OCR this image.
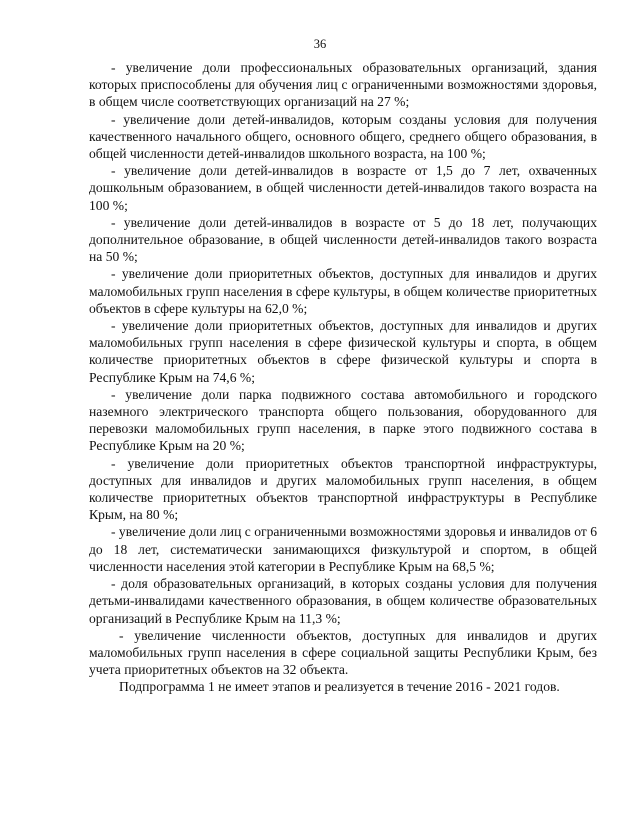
36

- увеличение доли профессиональных образовательных организаций, здания которых приспособлены для обучения лиц с ограниченными возможностями здоровья, в общем числе соответствующих организаций на 27 %;

- увеличение доли детей-инвалидов, которым созданы условия для получения качественного начального общего, основного общего, среднего общего образования, в общей численности детей-инвалидов школьного возраста, на 100 %;

- увеличение доли детей-инвалидов в возрасте от 1,5 до 7 лет, охваченных дошкольным образованием, в общей численности детей-инвалидов такого возраста на 100 %;

- увеличение доли детей-инвалидов в возрасте от 5 до 18 лет, получающих дополнительное образование, в общей численности детей-инвалидов такого возраста на 50 %;

- увеличение доли приоритетных объектов, доступных для инвалидов и других маломобильных групп населения в сфере культуры, в общем количестве приоритетных объектов в сфере культуры на 62,0 %;

- увеличение доли приоритетных объектов, доступных для инвалидов и других маломобильных групп населения в сфере физической культуры и спорта, в общем количестве приоритетных объектов в сфере физической культуры и спорта в Республике Крым на 74,6 %;

- увеличение доли парка подвижного состава автомобильного и городского наземного электрического транспорта общего пользования, оборудованного для перевозки маломобильных групп населения, в парке этого подвижного состава в Республике Крым на 20 %;

- увеличение доли приоритетных объектов транспортной инфраструктуры, доступных для инвалидов и других маломобильных групп населения, в общем количестве приоритетных объектов транспортной инфраструктуры в Республике Крым, на 80 %;

- увеличение доли лиц с ограниченными возможностями здоровья и инвалидов от 6 до 18 лет, систематически занимающихся физкультурой и спортом, в общей численности населения этой категории в Республике Крым на 68,5 %;

- доля образовательных организаций, в которых созданы условия для получения детьми-инвалидами качественного образования, в общем количестве образовательных организаций в Республике Крым на 11,3 %;

- увеличение численности объектов, доступных для инвалидов и других маломобильных групп населения в сфере социальной защиты Республики Крым, без учета приоритетных объектов на 32 объекта.

Подпрограмма 1 не имеет этапов и реализуется в течение 2016 - 2021 годов.
